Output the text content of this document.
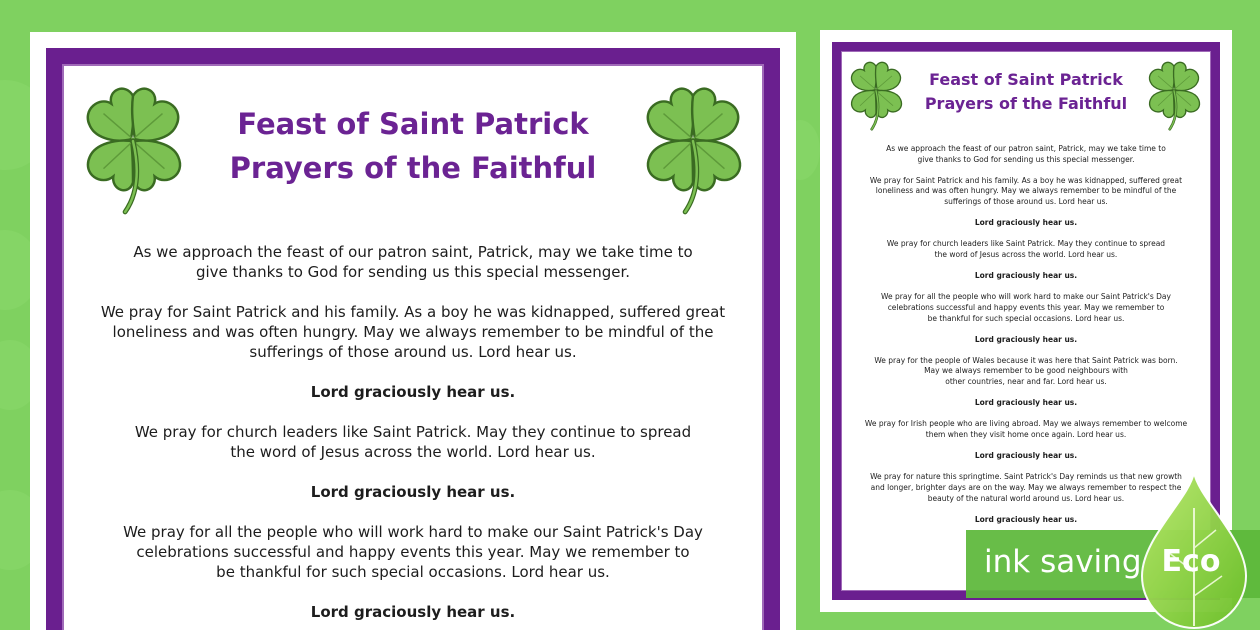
Feast of Saint Patrick
Prayers of the Faithful
As we approach the feast of our patron saint, Patrick, may we take time to
give thanks to God for sending us this special messenger.
We pray for Saint Patrick and his family. As a boy he was kidnapped, suffered great
loneliness and was often hungry. May we always remember to be mindful of the
sufferings of those around us. Lord hear us.
Lord graciously hear us.
We pray for church leaders like Saint Patrick. May they continue to spread
the word of Jesus across the world. Lord hear us.
Lord graciously hear us.
We pray for all the people who will work hard to make our Saint Patrick's Day
celebrations successful and happy events this year. May we remember to
be thankful for such special occasions. Lord hear us.
Lord graciously hear us.
Feast of Saint Patrick
Prayers of the Faithful
As we approach the feast of our patron saint, Patrick, may we take time to
give thanks to God for sending us this special messenger.
We pray for Saint Patrick and his family. As a boy he was kidnapped, suffered great
loneliness and was often hungry. May we always remember to be mindful of the
sufferings of those around us. Lord hear us.
Lord graciously hear us.
We pray for church leaders like Saint Patrick. May they continue to spread
the word of Jesus across the world. Lord hear us.
Lord graciously hear us.
We pray for all the people who will work hard to make our Saint Patrick's Day
celebrations successful and happy events this year. May we remember to
be thankful for such special occasions. Lord hear us.
Lord graciously hear us.
We pray for the people of Wales because it was here that Saint Patrick was born.
May we always remember to be good neighbours with
other countries, near and far. Lord hear us.
Lord graciously hear us.
We pray for Irish people who are living abroad. May we always remember to welcome
them when they visit home once again. Lord hear us.
Lord graciously hear us.
We pray for nature this springtime. Saint Patrick's Day reminds us that new growth
and longer, brighter days are on the way. May we always remember to respect the
beauty of the natural world around us. Lord hear us.
Lord graciously hear us.
ink saving Eco
